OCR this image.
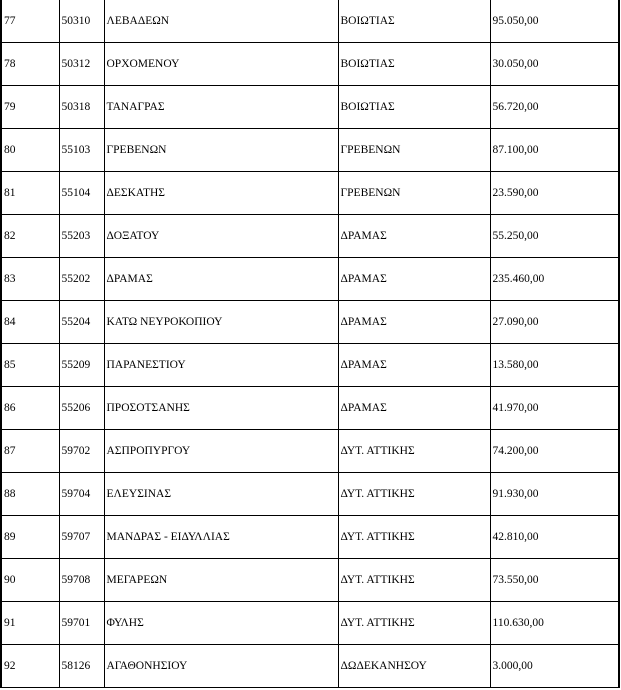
77	50310	ΛΕΒΑΔΕΩΝ	ΒΟΙΩΤΙΑΣ	95.050,00
78	50312	ΟΡΧΟΜΕΝΟΥ	ΒΟΙΩΤΙΑΣ	30.050,00
79	50318	ΤΑΝΑΓΡΑΣ	ΒΟΙΩΤΙΑΣ	56.720,00
80	55103	ΓΡΕΒΕΝΩΝ	ΓΡΕΒΕΝΩΝ	87.100,00
81	55104	ΔΕΣΚΑΤΗΣ	ΓΡΕΒΕΝΩΝ	23.590,00
82	55203	ΔΟΞΑΤΟΥ	ΔΡΑΜΑΣ	55.250,00
83	55202	ΔΡΑΜΑΣ	ΔΡΑΜΑΣ	235.460,00
84	55204	ΚΑΤΩ ΝΕΥΡΟΚΟΠΙΟΥ	ΔΡΑΜΑΣ	27.090,00
85	55209	ΠΑΡΑΝΕΣΤΙΟΥ	ΔΡΑΜΑΣ	13.580,00
86	55206	ΠΡΟΣΟΤΣΑΝΗΣ	ΔΡΑΜΑΣ	41.970,00
87	59702	ΑΣΠΡΟΠΥΡΓΟΥ	ΔΥΤ. ΑΤΤΙΚΗΣ	74.200,00
88	59704	ΕΛΕΥΣΙΝΑΣ	ΔΥΤ. ΑΤΤΙΚΗΣ	91.930,00
89	59707	ΜΑΝΔΡΑΣ - ΕΙΔΥΛΛΙΑΣ	ΔΥΤ. ΑΤΤΙΚΗΣ	42.810,00
90	59708	ΜΕΓΑΡΕΩΝ	ΔΥΤ. ΑΤΤΙΚΗΣ	73.550,00
91	59701	ΦΥΛΗΣ	ΔΥΤ. ΑΤΤΙΚΗΣ	110.630,00
92	58126	ΑΓΑΘΟΝΗΣΙΟΥ	ΔΩΔΕΚΑΝΗΣΟΥ	3.000,00
